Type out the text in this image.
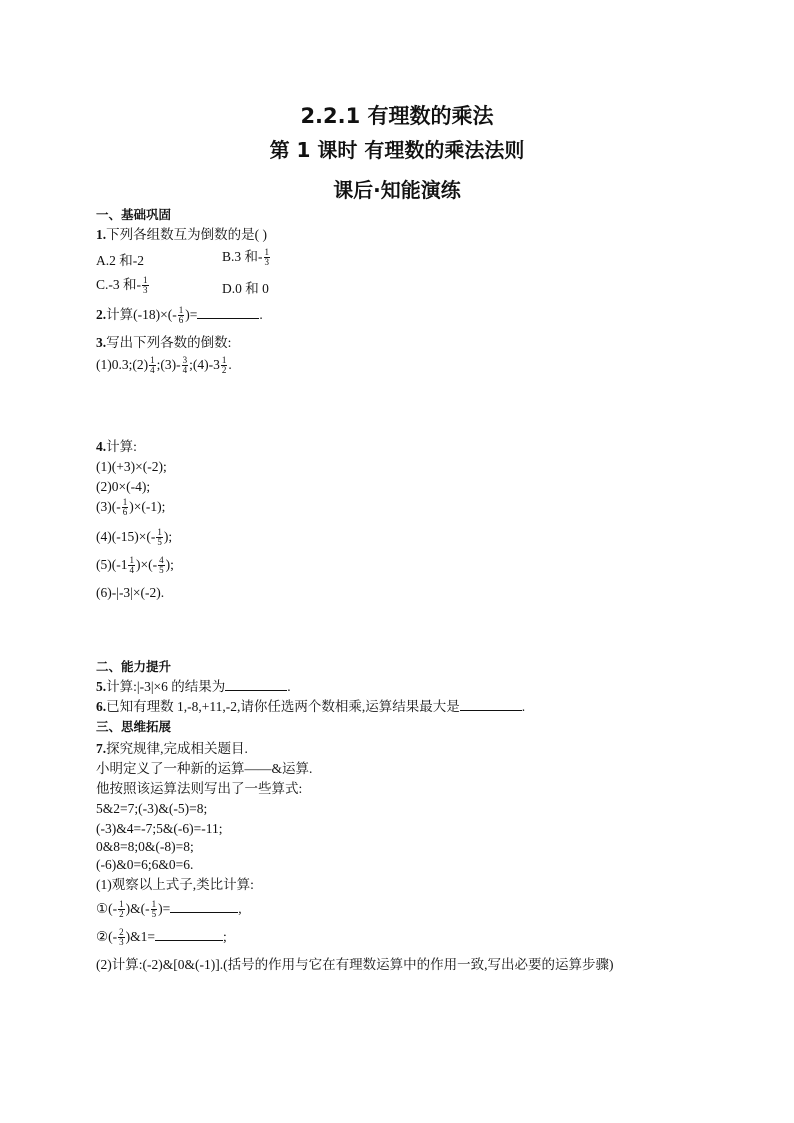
2.2.1 有理数的乘法
第 1 课时 有理数的乘法法则
课后·知能演练
一、基础巩固
1.下列各组数互为倒数的是( )
A.2 和-2	B.3 和- $\frac{1}{3}$
C.-3 和- $\frac{1}{3}$	D.0 和 0
2.计算$(-18)\times(- \frac{1}{6}$ )=	.
3.写出下列各数的倒数:
(1)0.3;(2) $\frac{1}{4}$ ;(3)- $\frac{3}{4}$ ;(4)-3 $\frac{1}{2}$ .
4.计算:
(1)(+3)×(-2);
(2)0×(-4);
$(3)(- \frac{1}{6} )\times(-1)$;
$(4)(-15)\times(- \frac{1}{5}$ );
$(5)(-1 \frac{1}{4}$ )×(- $\frac{4}{5}$ );
(6)-|-3|×(-2).
二、能力提升
5.计算:|-3|×6 的结果为	.
6.已知有理数 1,-8,+11,-2,请你任选两个数相乘,运算结果最大是	.
三、思维拓展
7.探究规律,完成相关题目.
小明定义了一种新的运算——&运算.
他按照该运算法则写出了一些算式:
5&2=7;(-3)&(-5)=8;
(-3)&4=-7;5&(-6)=-11;
0&8=8;0&(-8)=8;
(-6)&0=6;6&0=6.
(1)观察以上式子,类比计算:
①(- $\frac{1}{2}$ )&(- $\frac{1}{5}$ )=	,
②(- $\frac{2}{3}$ )&1=	;
(2)计算:(-2)&[0&(-1)].(括号的作用与它在有理数运算中的作用一致,写出必要的运算步骤)
